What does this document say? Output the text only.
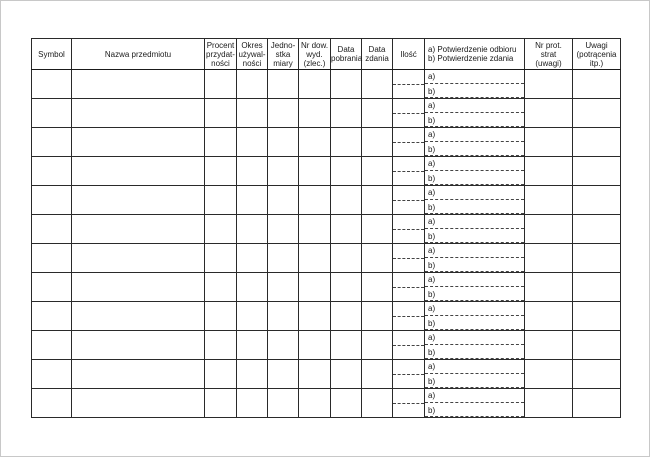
Symbol	Nazwa przedmiotu	Procent
przydat-
ności	Okres
używal-
ności	Jedno-
stka
miary	Nr dow.
wyd.
(zlec.)	Data
pobrania	Data
zdania	Ilość	a) Potwierdzenie odbioru
b) Potwierdzenie zdania	Nr prot.
strat
(uwagi)	Uwagi
(potrącenia
itp.)

									a)
b)		

									a)
b)		

									a)
b)		

									a)
b)		

									a)
b)		

									a)
b)		

									a)
b)		

									a)
b)		

									a)
b)		

									a)
b)		

									a)
b)		

									a)
b)		
